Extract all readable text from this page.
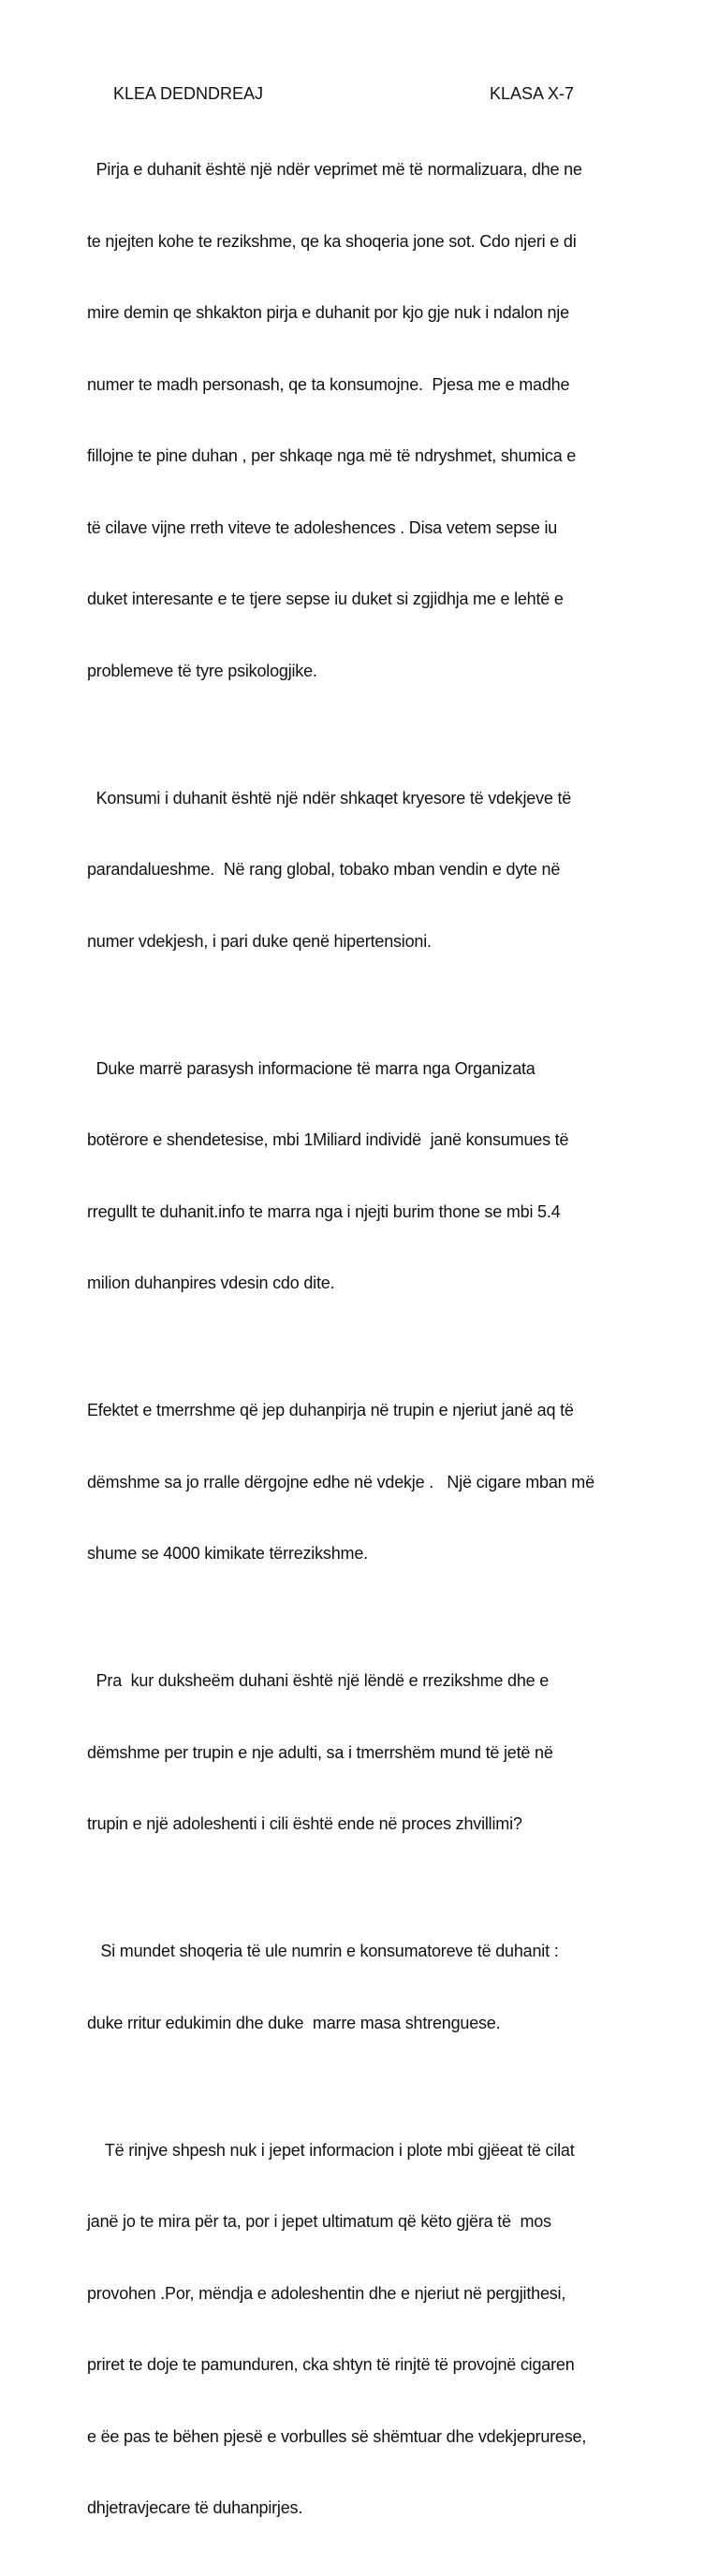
KLEA DEDNDREAJ	KLASA X-7

Pirja e duhanit është një ndër veprimet më të normalizuara, dhe ne

te njejten kohe te rezikshme, qe ka shoqeria jone sot. Cdo njeri e di

mire demin qe shkakton pirja e duhanit por kjo gje nuk i ndalon nje

numer te madh personash, qe ta konsumojne.  Pjesa me e madhe

fillojne te pine duhan , per shkaqe nga më të ndryshmet, shumica e

të cilave vijne rreth viteve te adoleshences . Disa vetem sepse iu

duket interesante e te tjere sepse iu duket si zgjidhja me e lehtë e

problemeve të tyre psikologjike.

Konsumi i duhanit është një ndër shkaqet kryesore të vdekjeve të

parandalueshme.  Në rang global, tobako mban vendin e dyte në

numer vdekjesh, i pari duke qenë hipertensioni.

Duke marrë parasysh informacione të marra nga Organizata

botërore e shendetesise, mbi 1Miliard individë  janë konsumues të

rregullt te duhanit.info te marra nga i njejti burim thone se mbi 5.4

milion duhanpires vdesin cdo dite.

Efektet e tmerrshme që jep duhanpirja në trupin e njeriut janë aq të

dëmshme sa jo rralle dërgojne edhe në vdekje .   Një cigare mban më

shume se 4000 kimikate tërrezikshme.

Pra  kur duksheëm duhani është një lëndë e rrezikshme dhe e

dëmshme per trupin e nje adulti, sa i tmerrshëm mund të jetë në

trupin e një adoleshenti i cili është ende në proces zhvillimi?

Si mundet shoqeria të ule numrin e konsumatoreve të duhanit :

duke rritur edukimin dhe duke  marre masa shtrenguese.

Të rinjve shpesh nuk i jepet informacion i plote mbi gjëeat të cilat

janë jo te mira për ta, por i jepet ultimatum që këto gjëra të  mos

provohen .Por, mëndja e adoleshentin dhe e njeriut në pergjithesi,

priret te doje te pamunduren, cka shtyn të rinjtë të provojnë cigaren

e ëe pas te bëhen pjesë e vorbulles së shëmtuar dhe vdekjeprurese,

dhjetravjecare të duhanpirjes.
